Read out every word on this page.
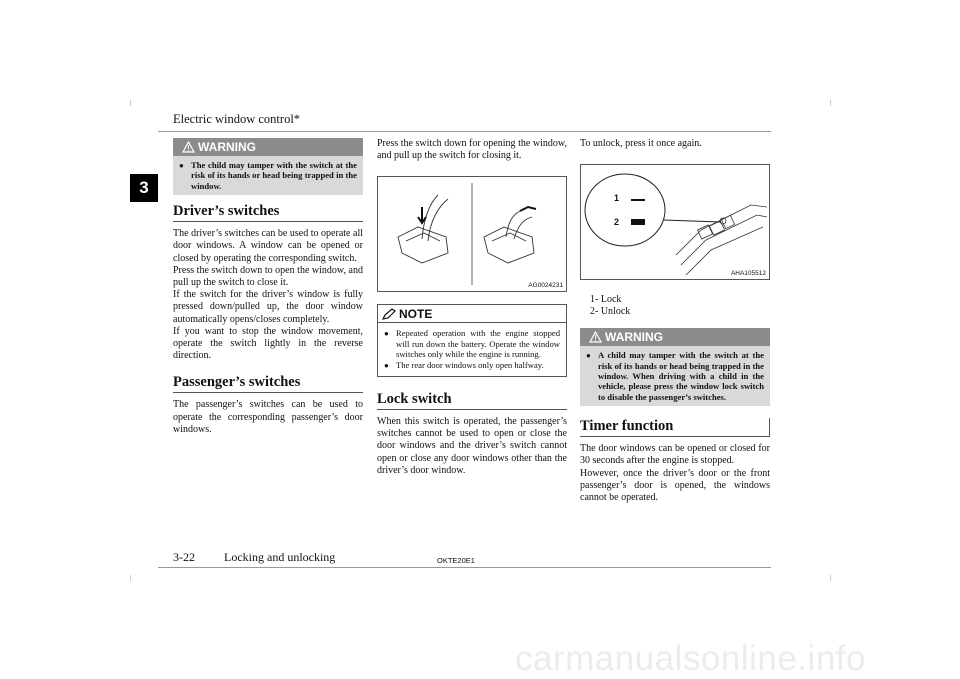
Electric window control*
3
WARNING
● The child may tamper with the switch at the risk of its hands or head being trapped in the window.
Driver’s switches

The driver’s switches can be used to operate all door windows. A window can be opened or closed by operating the corresponding switch.

Press the switch down to open the window, and pull up the switch to close it.

If the switch for the driver’s window is fully pressed down/pulled up, the door window automatically opens/closes completely.

If you want to stop the window movement, operate the switch lightly in the reverse direction.

Passenger’s switches

The passenger’s switches can be used to operate the corresponding passenger’s door windows.

Press the switch down for opening the window, and pull up the switch for closing it.

AG0024231
NOTE
● Repeated operation with the engine stopped will run down the battery. Operate the window switches only while the engine is running.
● The rear door windows only open halfway.
Lock switch

When this switch is operated, the passenger’s switches cannot be used to open or close the door windows and the driver’s switch cannot open or close any door windows other than the driver’s door window.

To unlock, press it once again.

1
2
AHA105512
1- Lock
2- Unlock
WARNING
● A child may tamper with the switch at the risk of its hands or head being trapped in the window. When driving with a child in the vehicle, please press the window lock switch to disable the passenger’s switches.
Timer function

The door windows can be opened or closed for 30 seconds after the engine is stopped.

However, once the driver’s door or the front passenger’s door is opened, the windows cannot be operated.

3-22 Locking and unlocking	OKTE20E1
carmanualsonline.info
